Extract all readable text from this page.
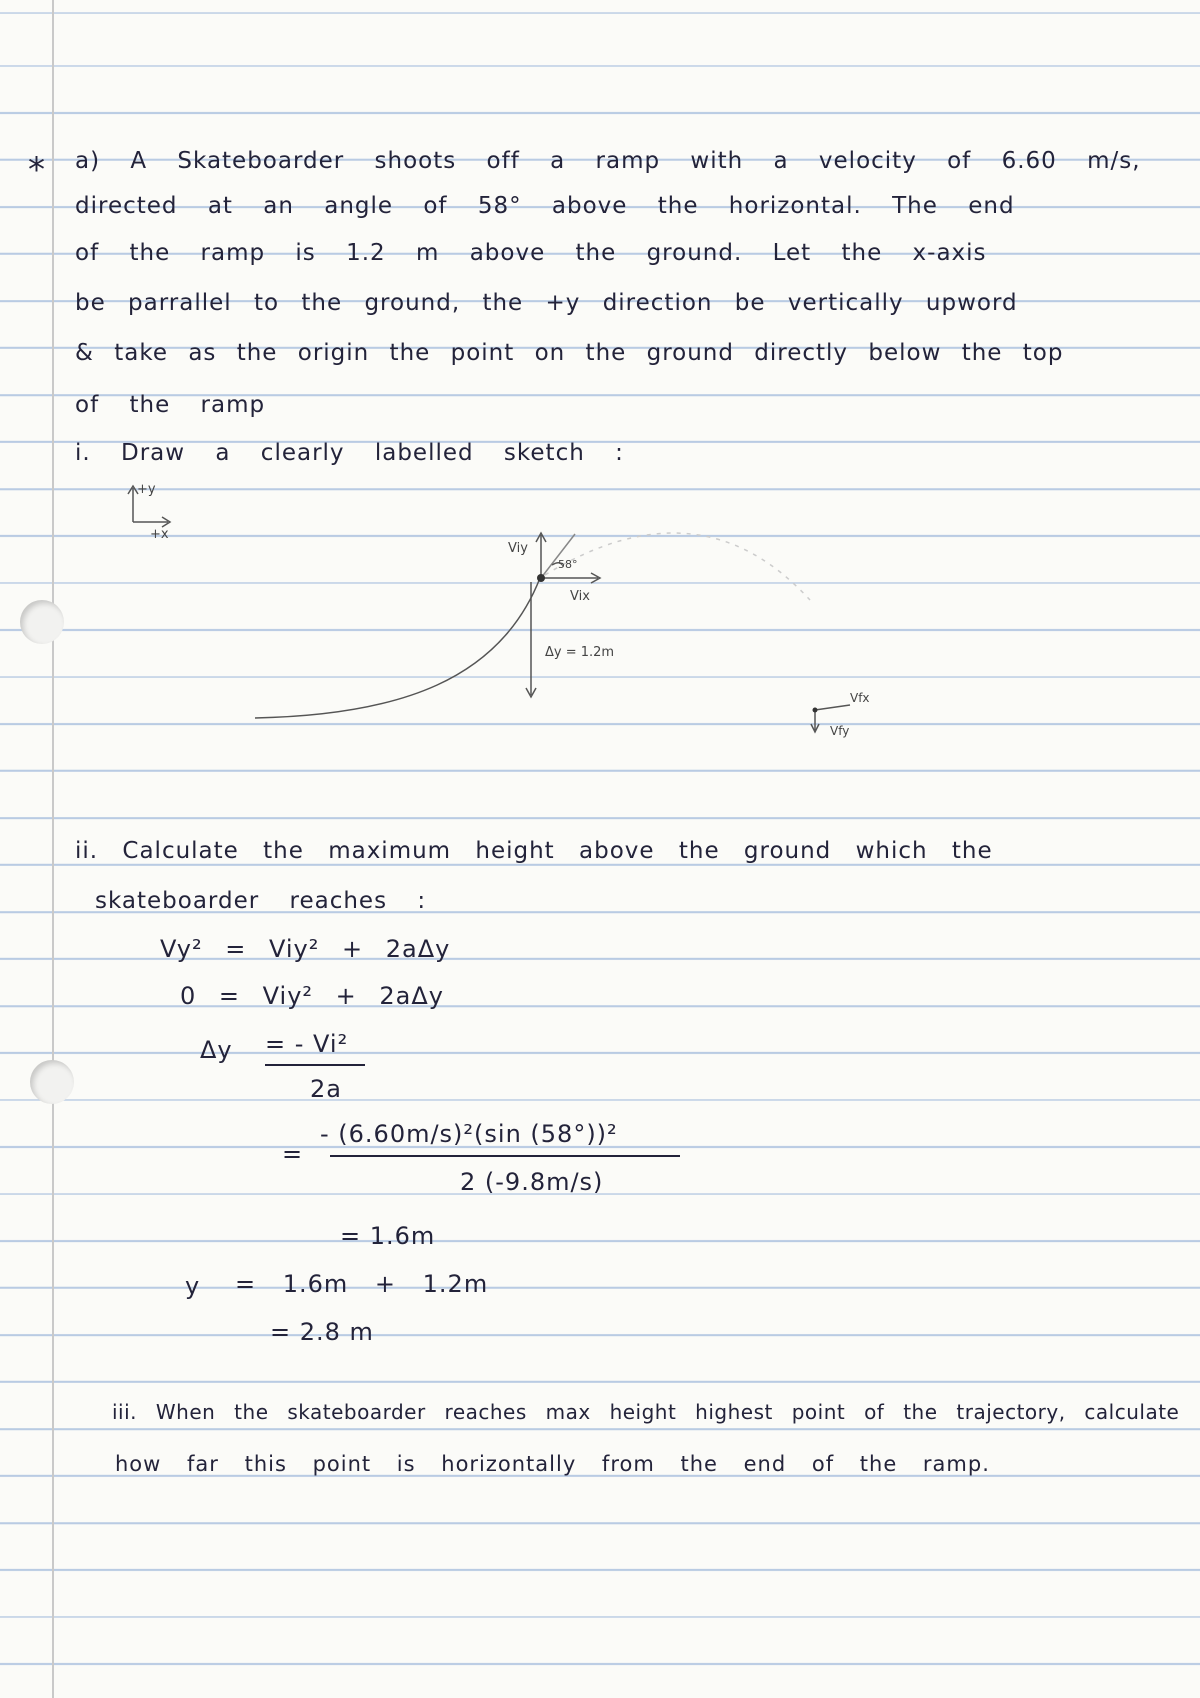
* a) A Skateboarder shoots off a ramp with a velocity of 6.60 m/s,
directed at an angle of 58° above the horizontal. The end
of the ramp is 1.2 m above the ground. Let the x-axis
be parrallel to the ground, the +y direction be vertically upword
& take as the origin the point on the ground directly below the top
of the ramp
i. Draw a clearly labelled sketch :
+y
+x
Viy
58°
Vix
Δy = 1.2m
Vfx
Vfy
ii. Calculate the maximum height above the ground which the
skateboarder reaches :
Vy² = Viy² + 2aΔy
0 = Viy² + 2aΔy
Δy = - Vi²
2a
=
- (6.60m/s)²(sin (58°))²
2 (-9.8m/s)
= 1.6m
y = 1.6m + 1.2m
= 2.8 m
iii. When the skateboarder reaches max height highest point of the trajectory, calculate
how far this point is horizontally from the end of the ramp.
